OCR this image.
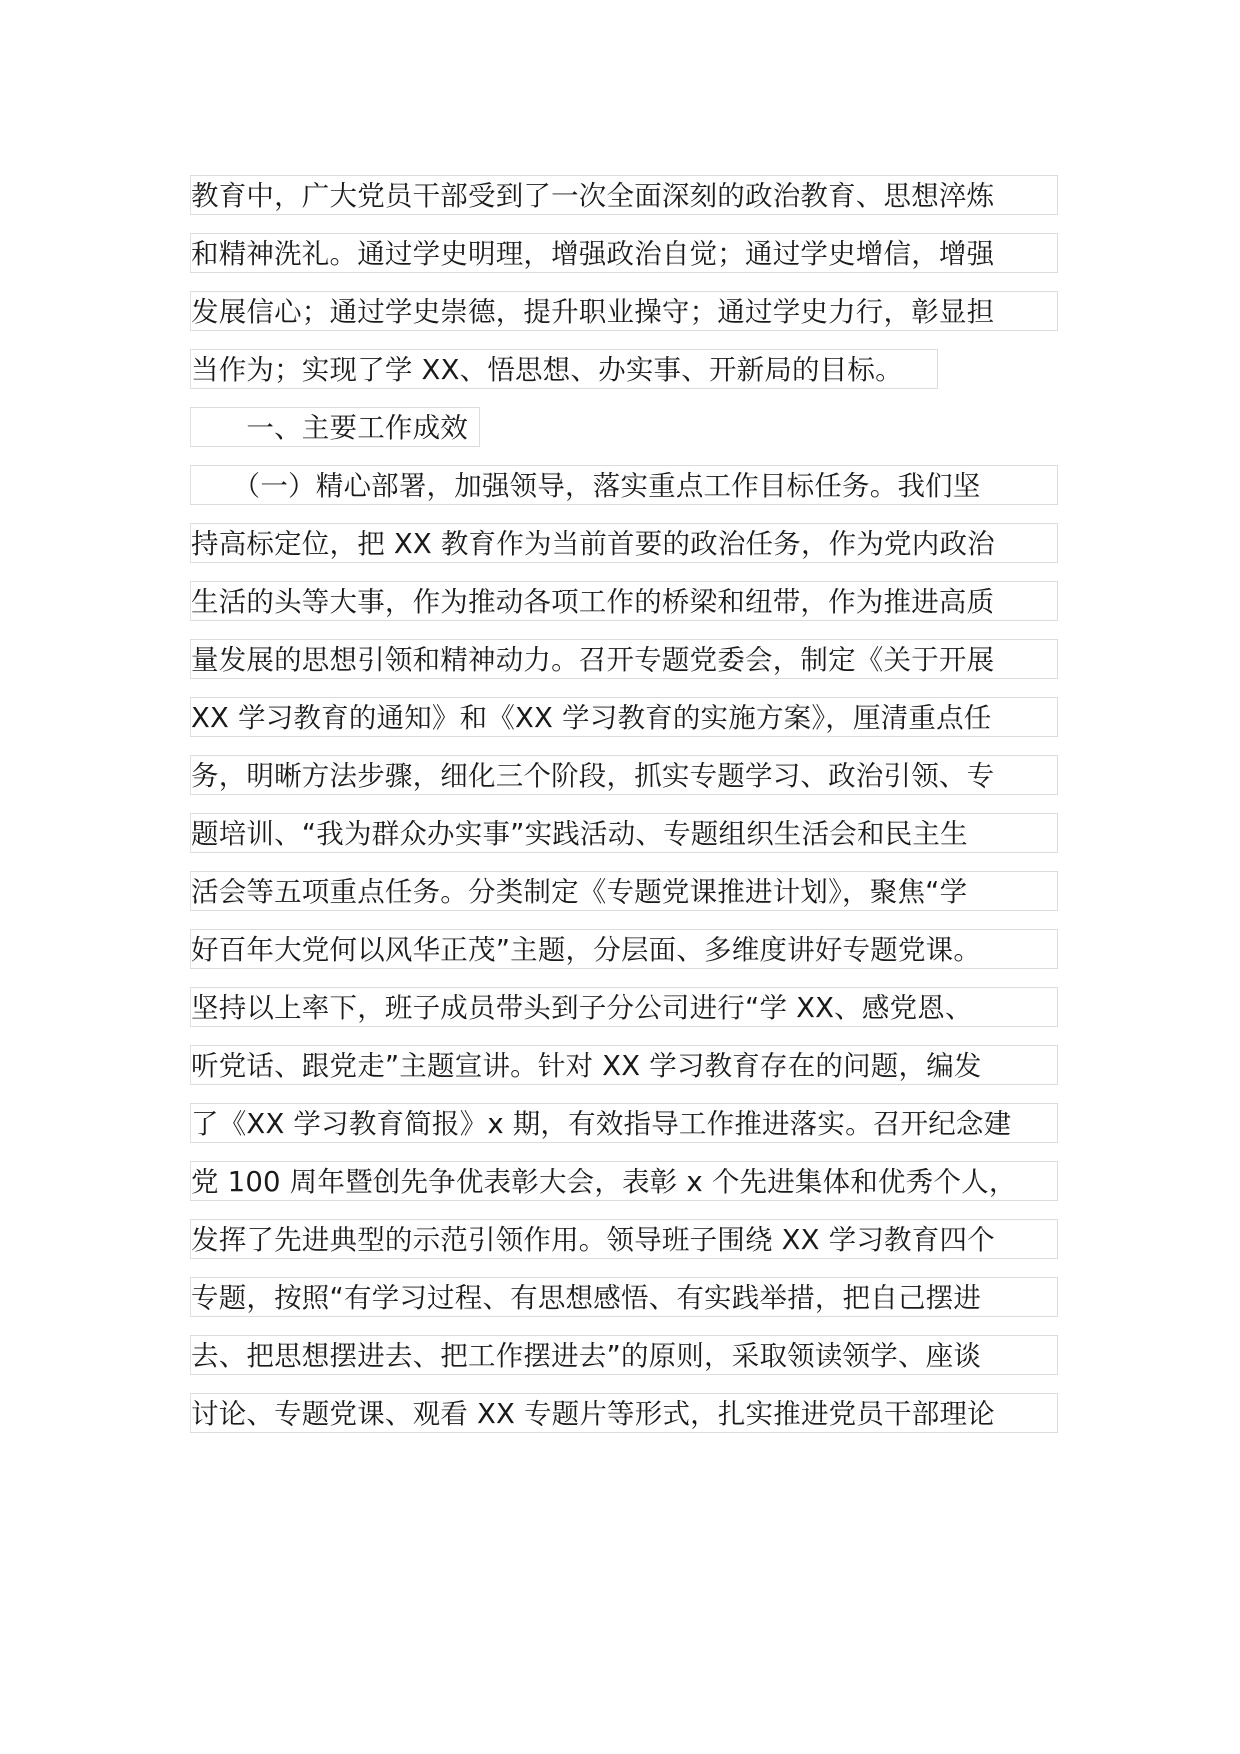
教育中，广大党员干部受到了一次全面深刻的政治教育、思想淬炼
和精神洗礼。通过学史明理，增强政治自觉；通过学史增信，增强
发展信心；通过学史崇德，提升职业操守；通过学史力行，彰显担
当作为；实现了学 XX、悟思想、办实事、开新局的目标。
　　一、主要工作成效
　　（一）精心部署，加强领导，落实重点工作目标任务。我们坚
持高标定位，把 XX 教育作为当前首要的政治任务，作为党内政治
生活的头等大事，作为推动各项工作的桥梁和纽带，作为推进高质
量发展的思想引领和精神动力。召开专题党委会，制定《关于开展
XX 学习教育的通知》和《XX 学习教育的实施方案》，厘清重点任
务，明晰方法步骤，细化三个阶段，抓实专题学习、政治引领、专
题培训、“我为群众办实事”实践活动、专题组织生活会和民主生
活会等五项重点任务。分类制定《专题党课推进计划》，聚焦“学
好百年大党何以风华正茂”主题，分层面、多维度讲好专题党课。
坚持以上率下，班子成员带头到子分公司进行“学 XX、感党恩、
听党话、跟党走”主题宣讲。针对 XX 学习教育存在的问题，编发
了《XX 学习教育简报》x 期，有效指导工作推进落实。召开纪念建
党 100 周年暨创先争优表彰大会，表彰 x 个先进集体和优秀个人，
发挥了先进典型的示范引领作用。领导班子围绕 XX 学习教育四个
专题，按照“有学习过程、有思想感悟、有实践举措，把自己摆进
去、把思想摆进去、把工作摆进去”的原则，采取领读领学、座谈
讨论、专题党课、观看 XX 专题片等形式，扎实推进党员干部理论
